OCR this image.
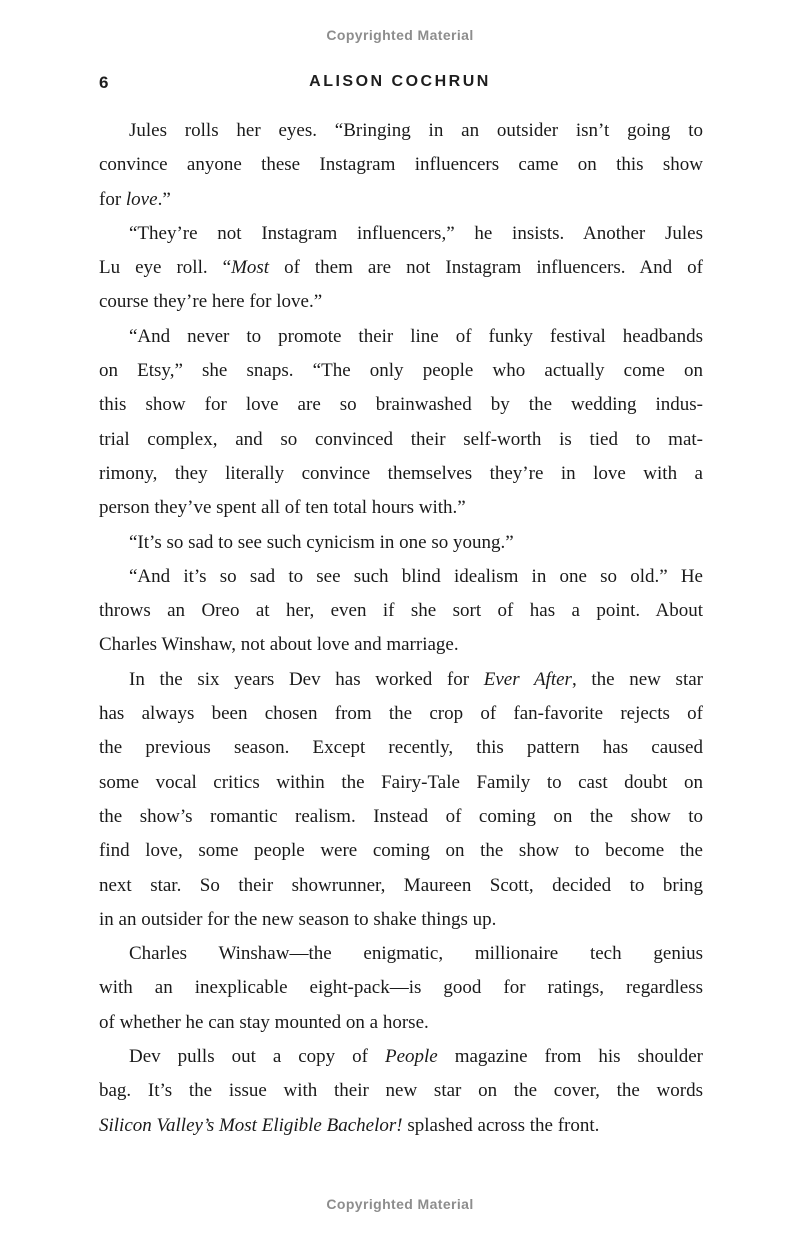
Copyrighted Material
6	ALISON COCHRUN
Jules rolls her eyes. “Bringing in an outsider isn’t going to
convince anyone these Instagram influencers came on this show
for love.”
“They’re not Instagram influencers,” he insists. Another Jules
Lu eye roll. “Most of them are not Instagram influencers. And of
course they’re here for love.”
“And never to promote their line of funky festival headbands
on Etsy,” she snaps. “The only people who actually come on
this show for love are so brainwashed by the wedding indus-
trial complex, and so convinced their self-worth is tied to mat-
rimony, they literally convince themselves they’re in love with a
person they’ve spent all of ten total hours with.”
“It’s so sad to see such cynicism in one so young.”
“And it’s so sad to see such blind idealism in one so old.” He
throws an Oreo at her, even if she sort of has a point. About
Charles Winshaw, not about love and marriage.
In the six years Dev has worked for Ever After, the new star
has always been chosen from the crop of fan-favorite rejects of
the previous season. Except recently, this pattern has caused
some vocal critics within the Fairy-Tale Family to cast doubt on
the show’s romantic realism. Instead of coming on the show to
find love, some people were coming on the show to become the
next star. So their showrunner, Maureen Scott, decided to bring
in an outsider for the new season to shake things up.
Charles Winshaw—the enigmatic, millionaire tech genius
with an inexplicable eight-pack—is good for ratings, regardless
of whether he can stay mounted on a horse.
Dev pulls out a copy of People magazine from his shoulder
bag. It’s the issue with their new star on the cover, the words
Silicon Valley’s Most Eligible Bachelor! splashed across the front.
Copyrighted Material
